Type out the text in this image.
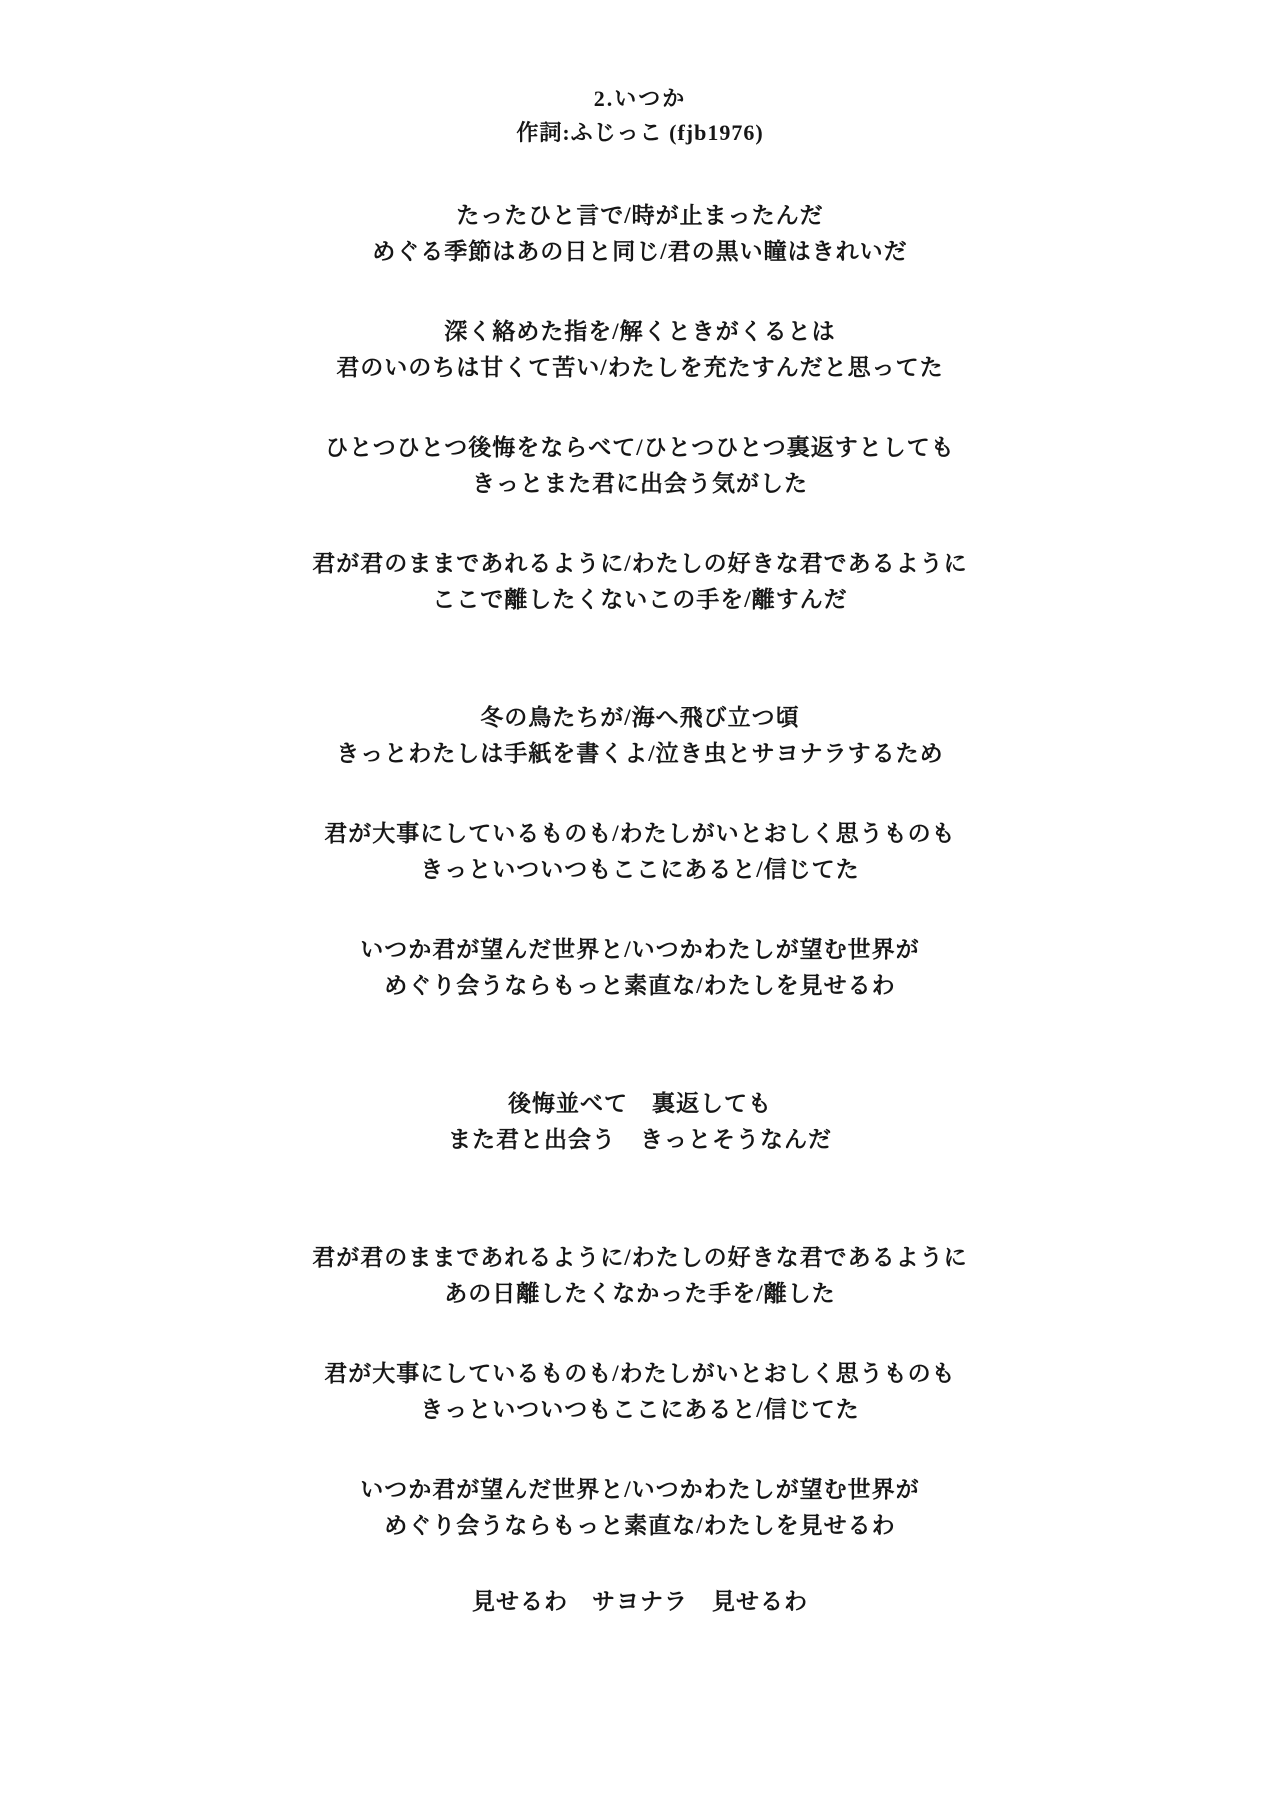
2.いつか

作詞:ふじっこ (fjb1976)

たったひと言で/時が止まったんだ

めぐる季節はあの日と同じ/君の黒い瞳はきれいだ

深く絡めた指を/解くときがくるとは

君のいのちは甘くて苦い/わたしを充たすんだと思ってた

ひとつひとつ後悔をならべて/ひとつひとつ裏返すとしても

きっとまた君に出会う気がした

君が君のままであれるように/わたしの好きな君であるように

ここで離したくないこの手を/離すんだ

冬の鳥たちが/海へ飛び立つ頃

きっとわたしは手紙を書くよ/泣き虫とサヨナラするため

君が大事にしているものも/わたしがいとおしく思うものも

きっといついつもここにあると/信じてた

いつか君が望んだ世界と/いつかわたしが望む世界が

めぐり会うならもっと素直な/わたしを見せるわ

後悔並べて　裏返しても

また君と出会う　きっとそうなんだ

君が君のままであれるように/わたしの好きな君であるように

あの日離したくなかった手を/離した

君が大事にしているものも/わたしがいとおしく思うものも

きっといついつもここにあると/信じてた

いつか君が望んだ世界と/いつかわたしが望む世界が

めぐり会うならもっと素直な/わたしを見せるわ

見せるわ　サヨナラ　見せるわ
